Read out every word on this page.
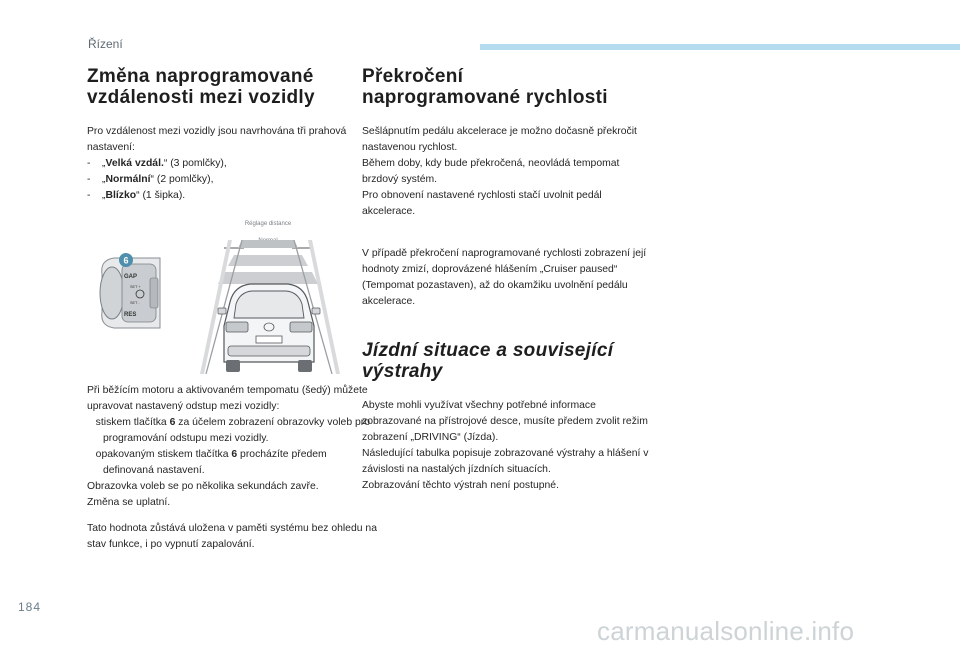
Řízení
Změna naprogramované
vzdálenosti mezi vozidly

Pro vzdálenost mezi vozidly jsou navrhována tři prahová nastavení:

- „Velká vzdál.“ (3 pomlčky),
- „Normální“ (2 pomlčky),
- „Blízko“ (1 šipka).

GAP
SET +
SET -
RES
6
Réglage distance

Při běžícím motoru a aktivovaném tempomatu (šedý) můžete upravovat nastavený odstup mezi vozidly:

stiskem tlačítka 6 za účelem zobrazení obrazovky voleb pro programování odstupu mezi vozidly.
opakovaným stiskem tlačítka 6 procházíte předem definovaná nastavení.

Obrazovka voleb se po několika sekundách zavře.

Změna se uplatní.

Tato hodnota zůstává uložena v paměti systému bez ohledu na stav funkce, i po vypnutí zapalování.

Překročení
naprogramované rychlosti

Sešlápnutím pedálu akcelerace je možno dočasně překročit nastavenou rychlost.

Během doby, kdy bude překročená, neovládá tempomat brzdový systém.

Pro obnovení nastavené rychlosti stačí uvolnit pedál akcelerace.

V případě překročení naprogramované rychlosti zobrazení její hodnoty zmizí, doprovázené hlášením „Cruiser paused“ (Tempomat pozastaven), až do okamžiku uvolnění pedálu akcelerace.

Jízdní situace a související
výstrahy

Abyste mohli využívat všechny potřebné informace zobrazované na přístrojové desce, musíte předem zvolit režim zobrazení „DRIVING“ (Jízda).

Následující tabulka popisuje zobrazované výstrahy a hlášení v závislosti na nastalých jízdních situacích.

Zobrazování těchto výstrah není postupné.

184
carmanualsonline.info
